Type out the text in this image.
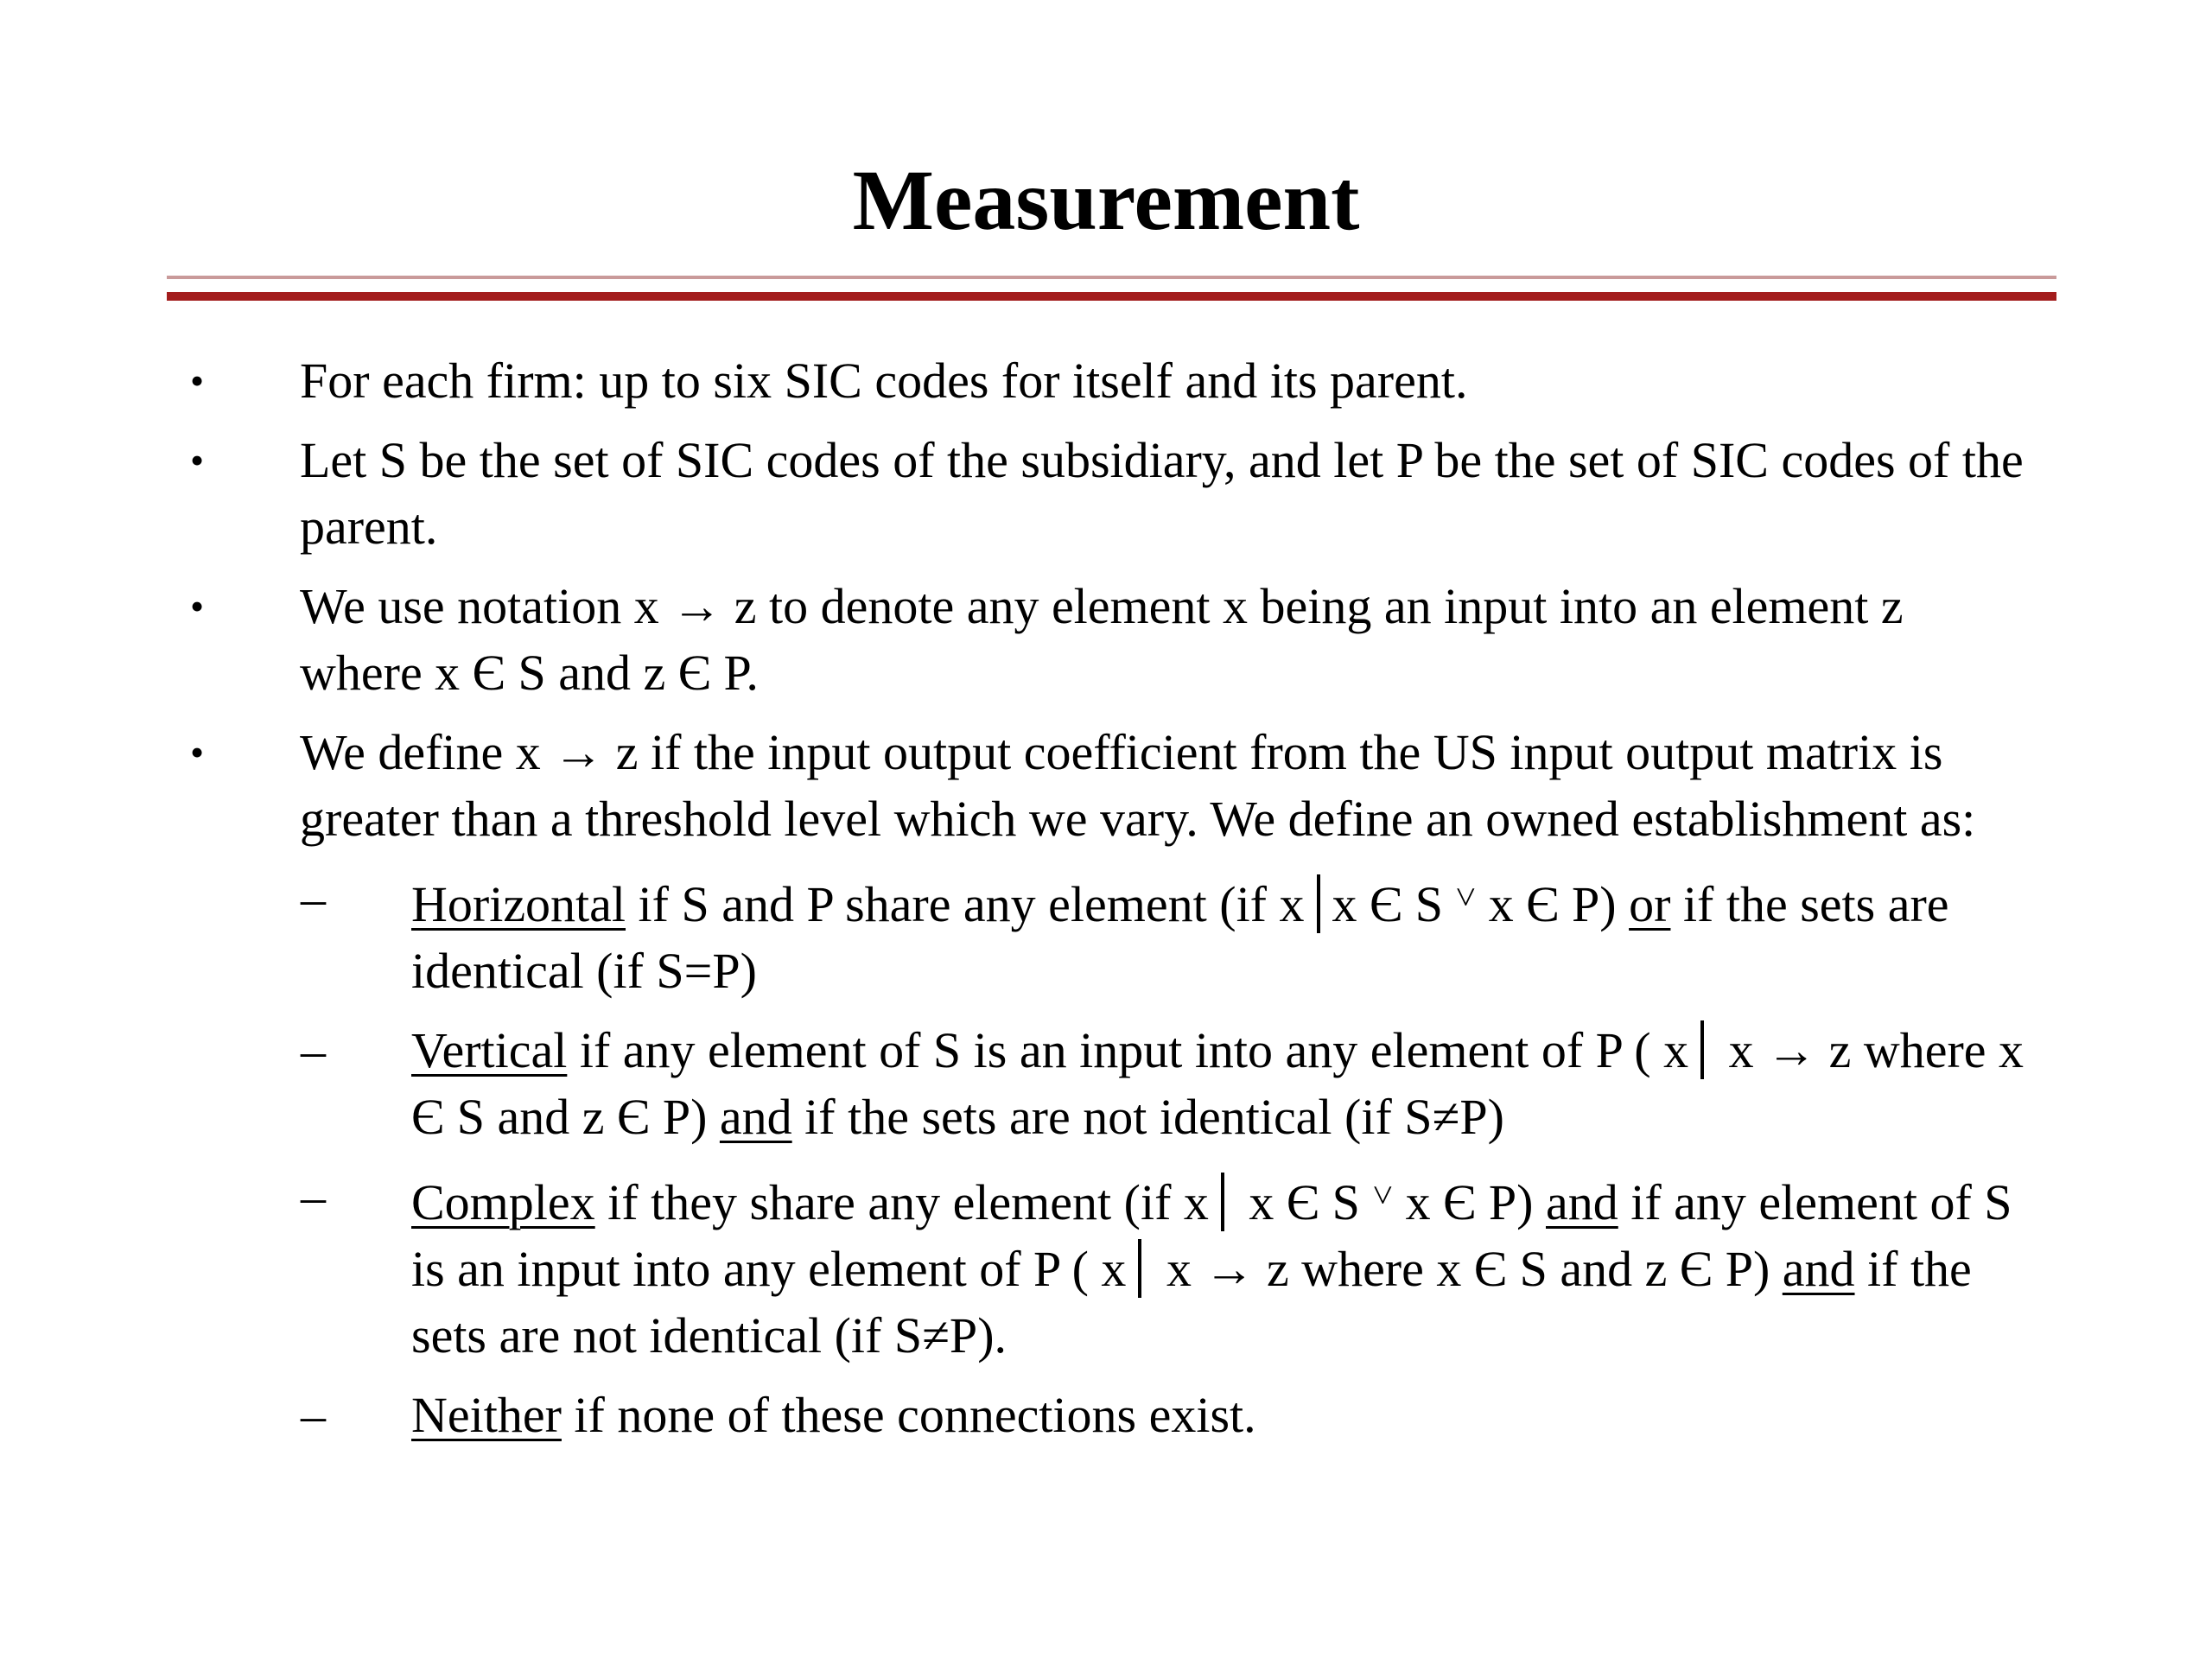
Measurement
• For each firm: up to six SIC codes for itself and its parent.
• Let S be the set of SIC codes of the subsidiary, and let P be the set of SIC codes of the parent.
• We use notation x → z to denote any element x being an input into an element z where x Є S and z Є P.
• We define x → z if the input output coefficient from the US input output matrix is greater than a threshold level which we vary. We define an owned establishment as:
– Horizontal if S and P share any element (if x x Є S ˅ x Є P) or if the sets are identical (if S=P)
– Vertical if any element of S is an input into any element of P ( x x → z where x Є S and z Є P) and if the sets are not identical (if S≠P)
– Complex if they share any element (if x x Є S ˅ x Є P) and if any element of S is an input into any element of P ( x x → z where x Є S and z Є P) and if the sets are not identical (if S≠P).
– Neither if none of these connections exist.
